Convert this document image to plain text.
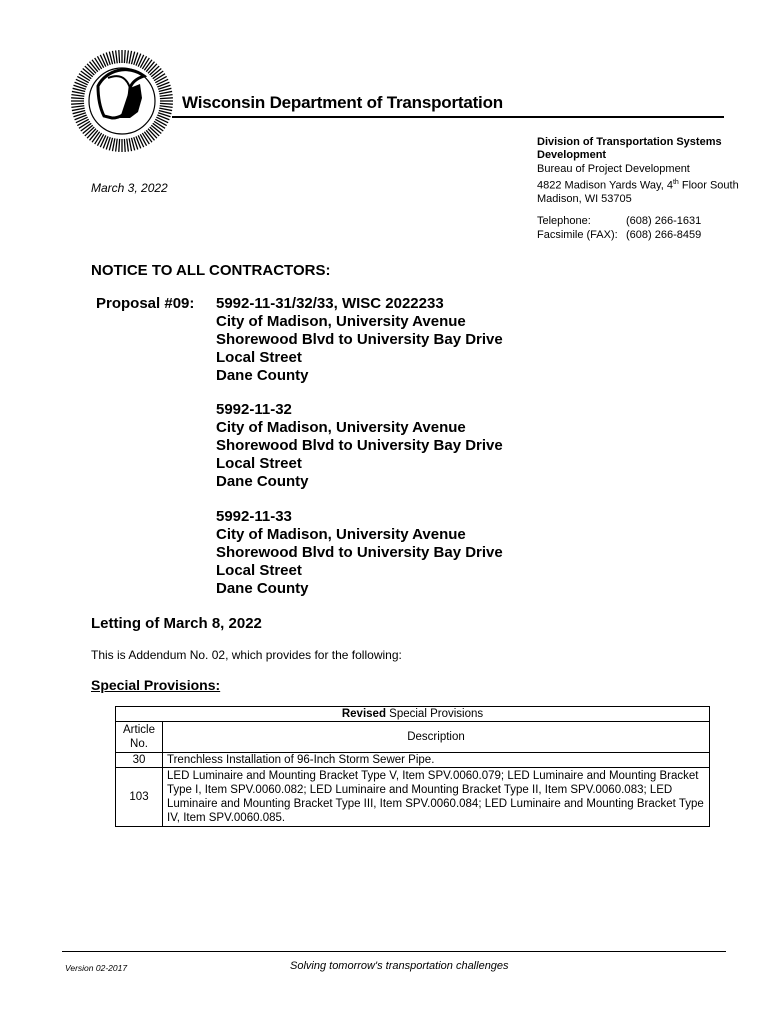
Wisconsin Department of Transportation
Division of Transportation Systems Development
Bureau of Project Development
4822 Madison Yards Way, 4th Floor South
Madison, WI 53705
Telephone:	(608) 266-1631
Facsimile (FAX): (608) 266-8459
March 3, 2022
NOTICE TO ALL CONTRACTORS:
Proposal #09: 5992-11-31/32/33, WISC 2022233
City of Madison, University Avenue
Shorewood Blvd to University Bay Drive
Local Street
Dane County
5992-11-32
City of Madison, University Avenue
Shorewood Blvd to University Bay Drive
Local Street
Dane County
5992-11-33
City of Madison, University Avenue
Shorewood Blvd to University Bay Drive
Local Street
Dane County
Letting of March 8, 2022
This is Addendum No. 02, which provides for the following:
Special Provisions:
Revised Special Provisions	
Article No.	Description
30	Trenchless Installation of 96-Inch Storm Sewer Pipe.
103	LED Luminaire and Mounting Bracket Type V, Item SPV.0060.079; LED Luminaire and Mounting Bracket Type I, Item SPV.0060.082; LED Luminaire and Mounting Bracket Type II, Item SPV.0060.083; LED Luminaire and Mounting Bracket Type III, Item SPV.0060.084; LED Luminaire and Mounting Bracket Type IV, Item SPV.0060.085.
Version 02-2017	Solving tomorrow's transportation challenges
